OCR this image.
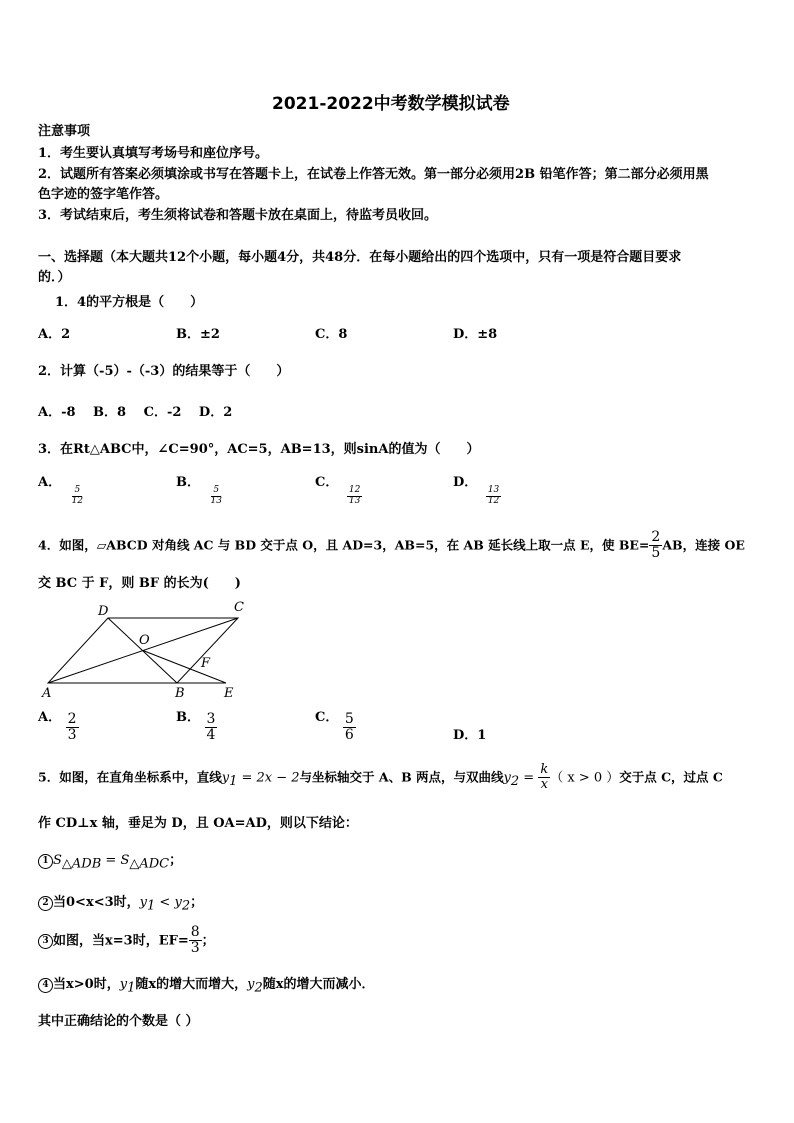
2021-2022中考数学模拟试卷
注意事项
1．考生要认真填写考场号和座位序号。
2．试题所有答案必须填涂或书写在答题卡上，在试卷上作答无效。第一部分必须用2B 铅笔作答；第二部分必须用黑
色字迹的签字笔作答。
3．考试结束后，考生须将试卷和答题卡放在桌面上，待监考员收回。
一、选择题（本大题共12个小题，每小题4分，共48分．在每小题给出的四个选项中，只有一项是符合题目要求
的．）
1．4的平方根是（　　）
A．2	B．±2	C．8	D．±8
2．计算（-5）-（-3）的结果等于（　　）
A．-8　 B．8　 C．-2　 D．2
3．在Rt△ABC中，∠C=90°，AC=5，AB=13，则sinA的值为（　　）
A．
$\frac{5}{12}$
B．
$\frac{5}{13}$
C．
$\frac{12}{13}$
D．
$\frac{13}{12}$
4．如图，▱ABCD 对角线 AC 与 BD 交于点 O，且 AD=3，AB=5，在 AB 延长线上取一点 E，使 $BE= \frac{2}{5}$ AB，连接 OE
交 BC 于 F，则 BF 的长为(　　)
A	B
C
D
E
F
O
A． $\frac{2}{3}$	B． $\frac{3}{4}$	C． $\frac{5}{6}$	D．1
5．如图，在直角坐标系中，直线$y_1 = 2x - 2$与坐标轴交于 A、B 两点，与双曲线$y_2 = \frac{k}{x}$ （ x > 0 ）交于点 C，过点 C
作 CD⊥x 轴，垂足为 D，且 OA=AD，则以下结论：
1 $S_{\triangle ADB} = S_{\triangle ADC}$；
2 当0<x<3时，$y_1 < y_2$；
3 如图，当x=3时，$EF= \frac{8}{3}$ ；
4 当x>0时，$y_1$随x的增大而增大，$y_2$随x的增大而减小．
其中正确结论的个数是（ ）
